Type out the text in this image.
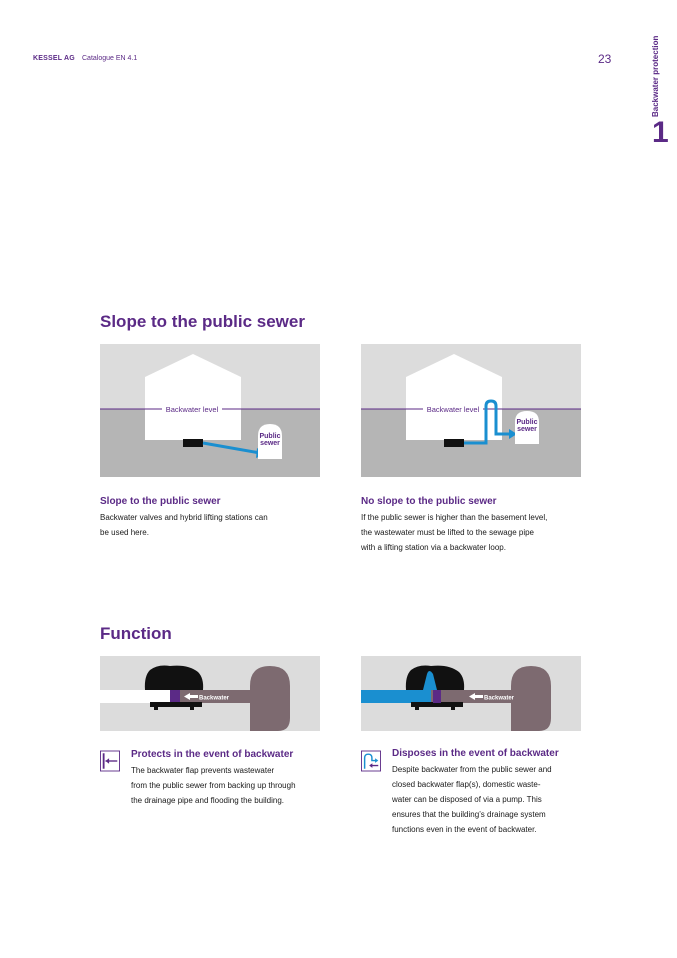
KESSEL AG Catalogue EN 4.1	23	Backwater protection
1
Slope to the public sewer
Backwater level
Public
sewer
Backwater level
Public
sewer
Slope to the public sewer
Backwater valves and hybrid lifting stations can
be used here.
No slope to the public sewer
If the public sewer is higher than the basement level,
the wastewater must be lifted to the sewage pipe
with a lifting station via a backwater loop.
Function
Backwater	Backwater
Protects in the event of backwater
The backwater flap prevents wastewater
from the public sewer from backing up through
the drainage pipe and flooding the building.
Disposes in the event of backwater
Despite backwater from the public sewer and
closed backwater flap(s), domestic waste-
water can be disposed of via a pump. This
ensures that the building’s drainage system
functions even in the event of backwater.
